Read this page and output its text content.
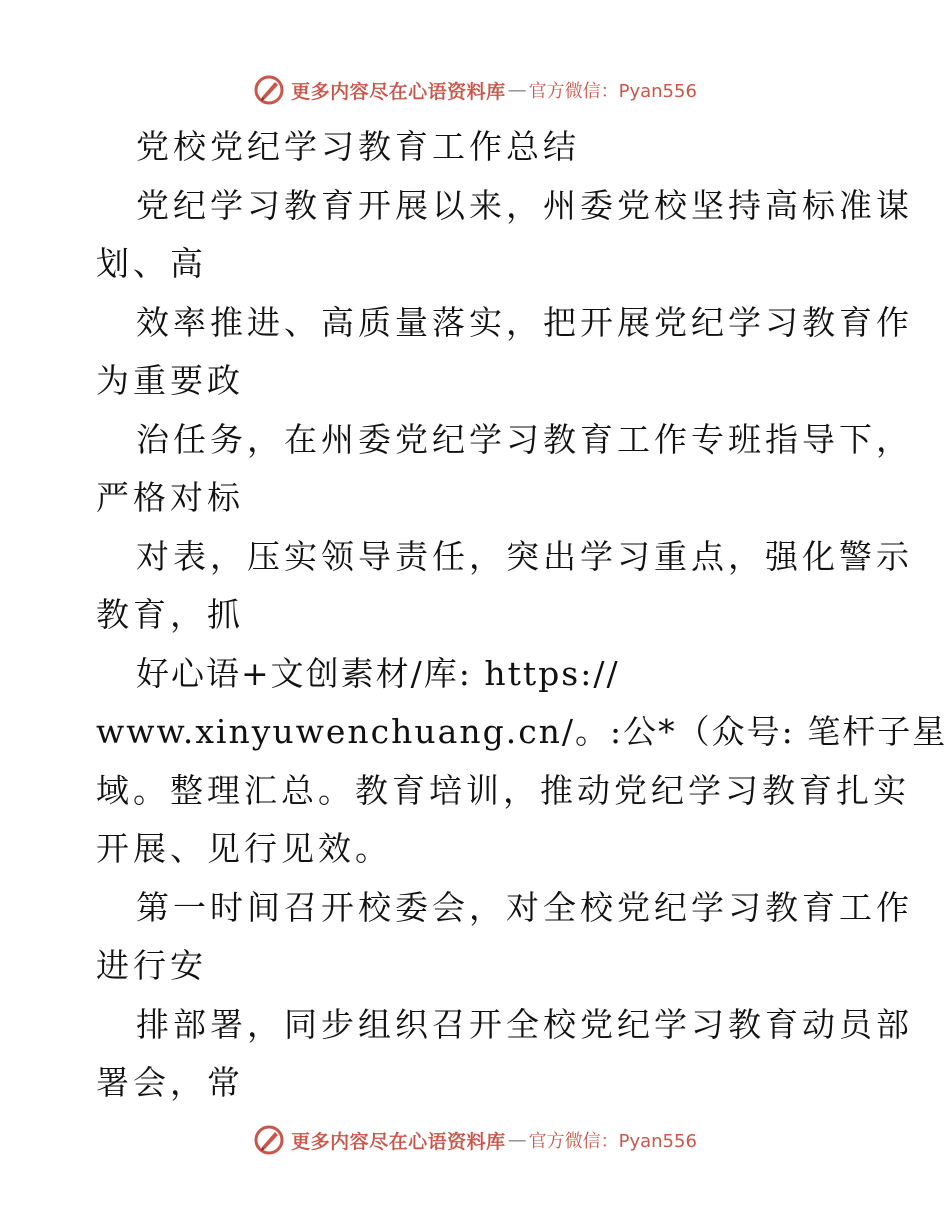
更多内容尽在心语资料库 — 官方微信：Pyan556
党校党纪学习教育工作总结
党纪学习教育开展以来，州委党校坚持高标准谋
划、高
效率推进、高质量落实，把开展党纪学习教育作
为重要政
治任务，在州委党纪学习教育工作专班指导下，
严格对标
对表，压实领导责任，突出学习重点，强化警示
教育，抓
好心语+文创素材/库: https://
www.xinyuwenchuang.cn/。:公*（众号: 笔杆子星
域。整理汇总。教育培训，推动党纪学习教育扎实
开展、见行见效。
第一时间召开校委会，对全校党纪学习教育工作
进行安
排部署，同步组织召开全校党纪学习教育动员部
署会，常
更多内容尽在心语资料库 — 官方微信：Pyan556
